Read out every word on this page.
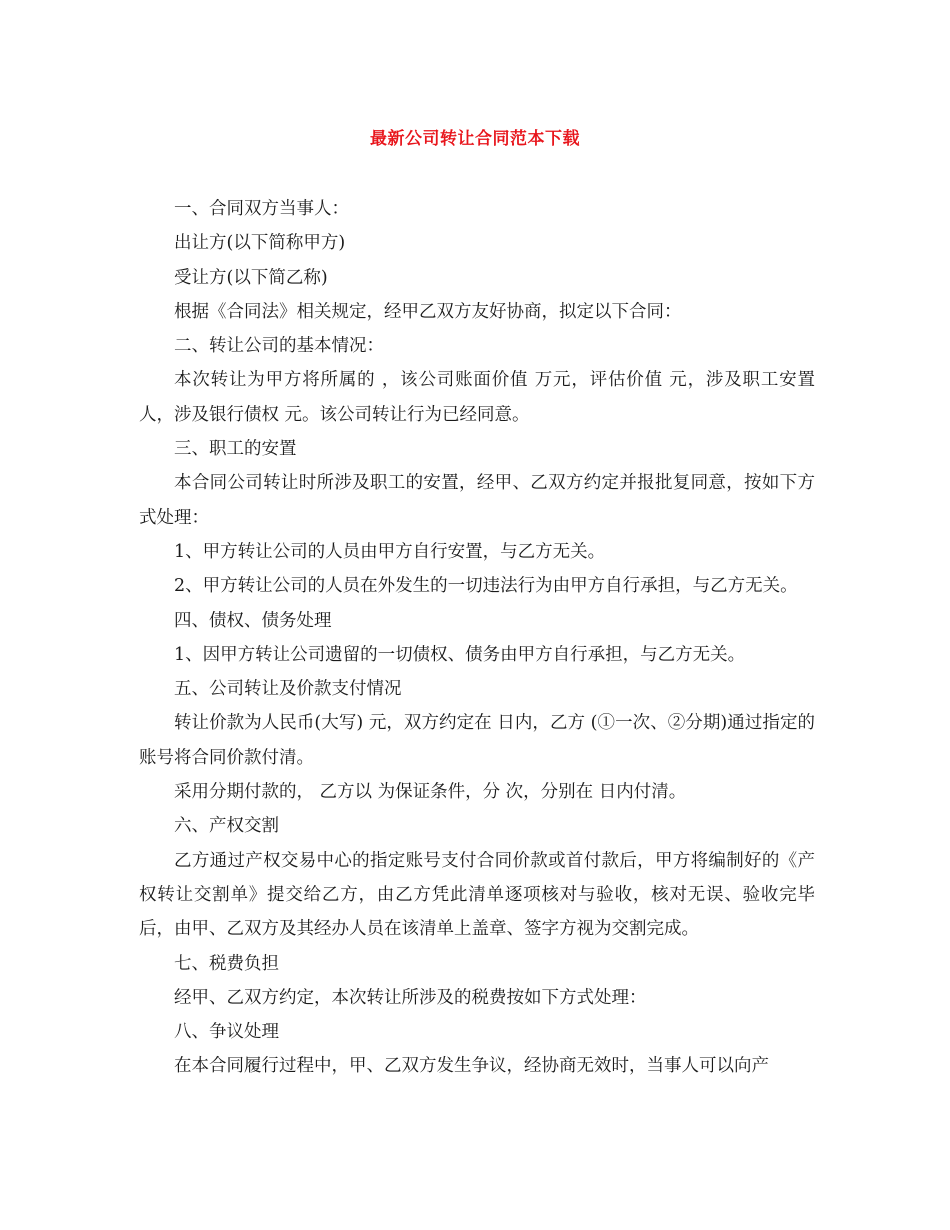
最新公司转让合同范本下载

一、合同双方当事人：

出让方(以下简称甲方)

受让方(以下简乙称)

根据《合同法》相关规定，经甲乙双方友好协商，拟定以下合同：

二、转让公司的基本情况：

本次转让为甲方将所属的 ，该公司账面价值 万元，评估价值 元，涉及职工安置 人，涉及银行债权 元。该公司转让行为已经同意。

三、职工的安置

本合同公司转让时所涉及职工的安置，经甲、乙双方约定并报批复同意，按如下方式处理：

1、甲方转让公司的人员由甲方自行安置，与乙方无关。

2、甲方转让公司的人员在外发生的一切违法行为由甲方自行承担，与乙方无关。

四、债权、债务处理

1、因甲方转让公司遗留的一切债权、债务由甲方自行承担，与乙方无关。

五、公司转让及价款支付情况

转让价款为人民币(大写) 元，双方约定在 日内，乙方 (①一次、②分期)通过指定的 账号将合同价款付清。

采用分期付款的， 乙方以 为保证条件，分 次，分别在 日内付清。

六、产权交割

乙方通过产权交易中心的指定账号支付合同价款或首付款后，甲方将编制好的《产权转让交割单》提交给乙方，由乙方凭此清单逐项核对与验收，核对无误、验收完毕后，由甲、乙双方及其经办人员在该清单上盖章、签字方视为交割完成。

七、税费负担

经甲、乙双方约定，本次转让所涉及的税费按如下方式处理：

八、争议处理

在本合同履行过程中，甲、乙双方发生争议，经协商无效时，当事人可以向产
